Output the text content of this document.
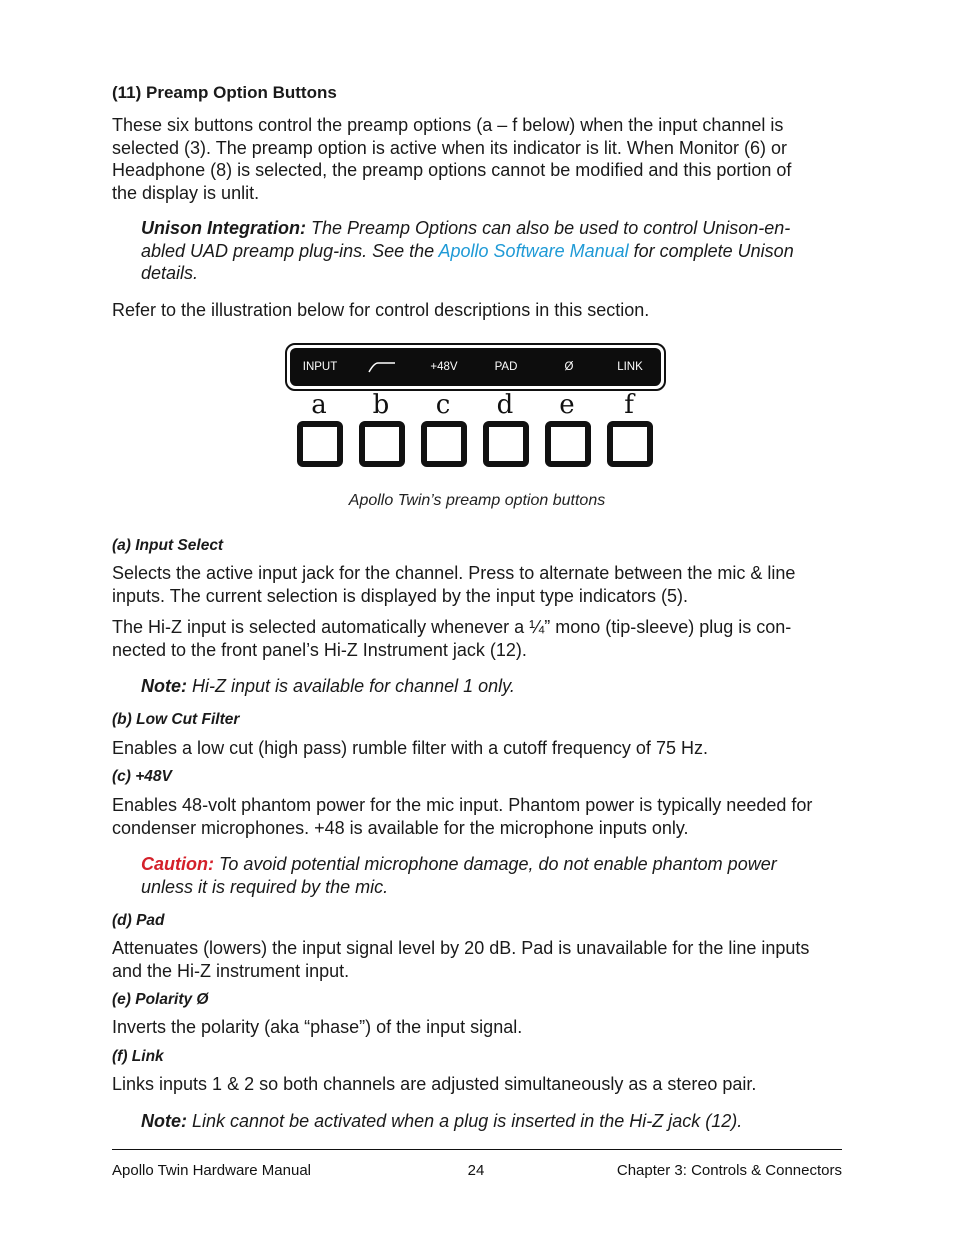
(11) Preamp Option Buttons
These six buttons control the preamp options (a – f below) when the input channel is
selected (3). The preamp option is active when its indicator is lit. When Monitor (6) or
Headphone (8) is selected, the preamp options cannot be modified and this portion of
the display is unlit.
Unison Integration: The Preamp Options can also be used to control Unison-en-
abled UAD preamp plug-ins. See the Apollo Software Manual for complete Unison
details.
Refer to the illustration below for control descriptions in this section.
INPUT	+48V	PAD	Ø	LINK
a	b	c	d	e	f
Apollo Twin’s preamp option buttons
(a) Input Select
Selects the active input jack for the channel. Press to alternate between the mic & line
inputs. The current selection is displayed by the input type indicators (5).
The Hi-Z input is selected automatically whenever a ¼” mono (tip-sleeve) plug is con-
nected to the front panel’s Hi-Z Instrument jack (12).
Note: Hi-Z input is available for channel 1 only.
(b) Low Cut Filter
Enables a low cut (high pass) rumble filter with a cutoff frequency of 75 Hz.
(c) +48V
Enables 48-volt phantom power for the mic input. Phantom power is typically needed for
condenser microphones. +48 is available for the microphone inputs only.
Caution: To avoid potential microphone damage, do not enable phantom power
unless it is required by the mic.
(d) Pad
Attenuates (lowers) the input signal level by 20 dB. Pad is unavailable for the line inputs
and the Hi-Z instrument input.
(e) Polarity Ø
Inverts the polarity (aka “phase”) of the input signal.
(f) Link
Links inputs 1 & 2 so both channels are adjusted simultaneously as a stereo pair.
Note: Link cannot be activated when a plug is inserted in the Hi-Z jack (12).
Apollo Twin Hardware Manual	24	Chapter 3: Controls & Connectors
